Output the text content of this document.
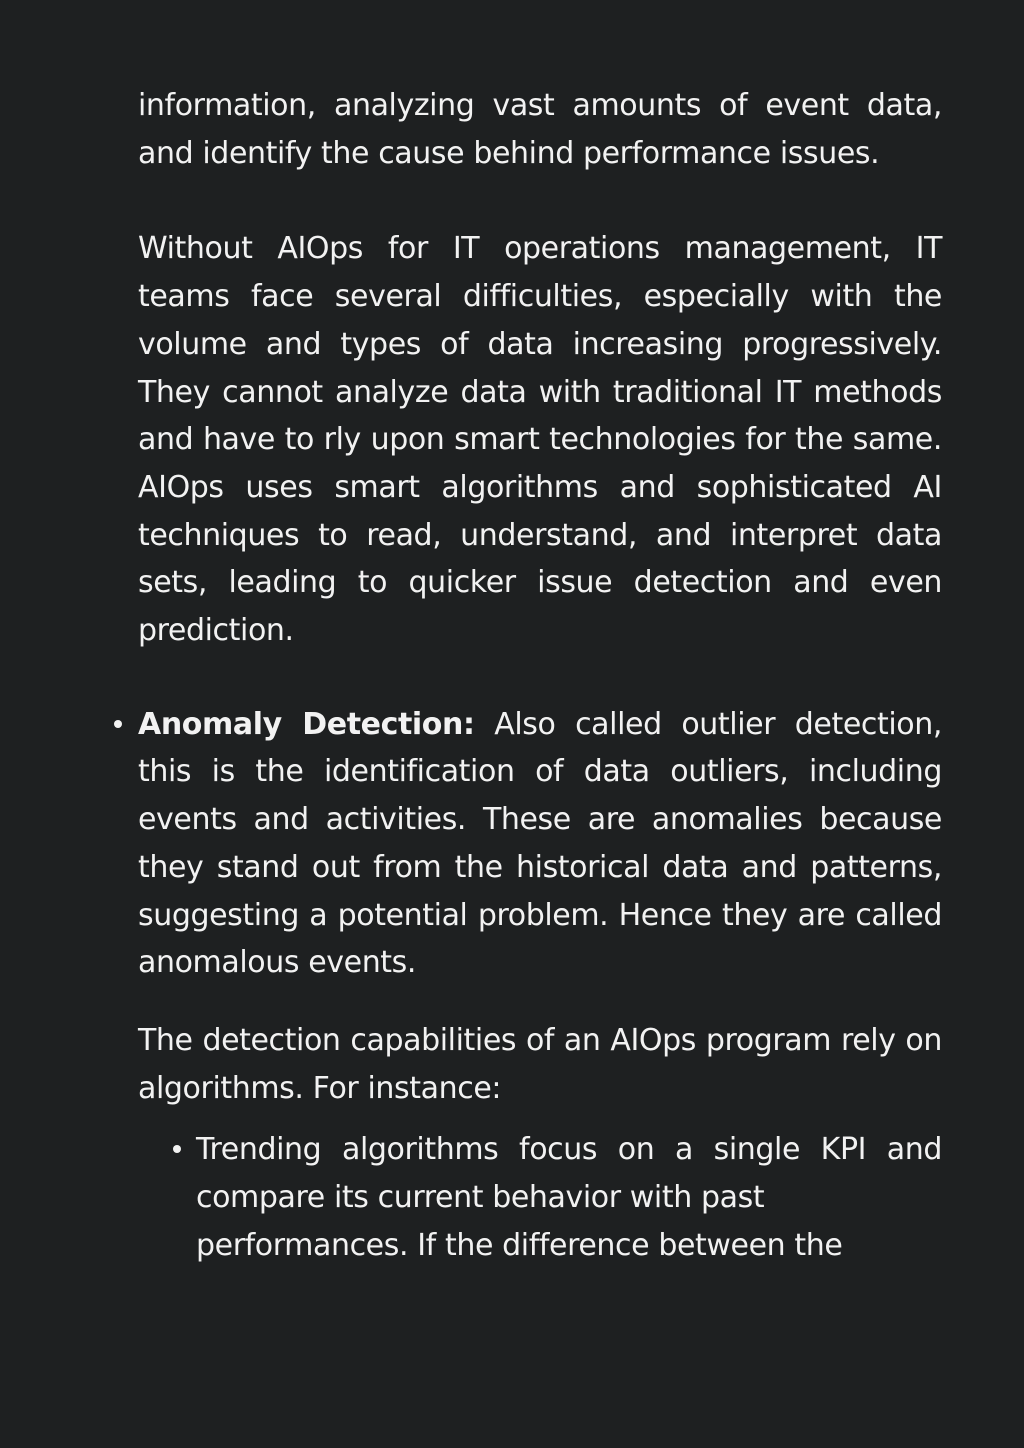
information, analyzing vast amounts of event data, and identify the cause behind performance issues.

Without AIOps for IT operations management, IT teams face several difficulties, especially with the volume and types of data increasing progressively. They cannot analyze data with traditional IT methods and have to rly upon smart technologies for the same. AIOps uses smart algorithms and sophisticated AI techniques to read, understand, and interpret data sets, leading to quicker issue detection and even prediction.

Anomaly Detection: Also called outlier detection, this is the identification of data outliers, including events and activities. These are anomalies because they stand out from the historical data and patterns, suggesting a potential problem. Hence they are called anomalous events.

The detection capabilities of an AIOps program rely on algorithms. For instance:

Trending algorithms focus on a single KPI and compare its current behavior with past

performances. If the difference between the
